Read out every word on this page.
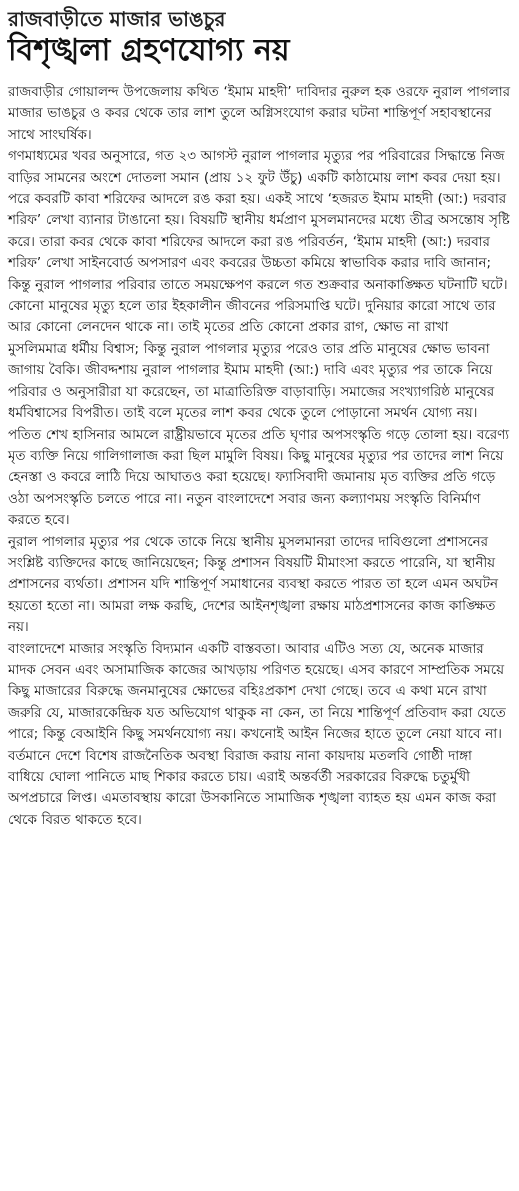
রাজবাড়ীতে মাজার ভাঙচুর
বিশৃঙ্খলা গ্রহণযোগ্য নয়

রাজবাড়ীর গোয়ালন্দ উপজেলায় কথিত ‘ইমাম মাহদী’ দাবিদার নুরুল হক ওরফে নুরাল পাগলার মাজার ভাঙচুর ও কবর থেকে তার লাশ তুলে অগ্নিসংযোগ করার ঘটনা শান্তিপূর্ণ সহাবস্থানের সাথে সাংঘর্ষিক।

গণমাধ্যমের খবর অনুসারে, গত ২৩ আগস্ট নুরাল পাগলার মৃত্যুর পর পরিবারের সিদ্ধান্তে নিজ বাড়ির সামনের অংশে দোতলা সমান (প্রায় ১২ ফুট উঁচু) একটি কাঠামোয় লাশ কবর দেয়া হয়। পরে কবরটি কাবা শরিফের আদলে রঙ করা হয়। একই সাথে ‘হজরত ইমাম মাহদী (আ:) দরবার শরিফ’ লেখা ব্যানার টাঙানো হয়। বিষয়টি স্থানীয় ধর্মপ্রাণ মুসলমানদের মধ্যে তীব্র অসন্তোষ সৃষ্টি করে। তারা কবর থেকে কাবা শরিফের আদলে করা রঙ পরিবর্তন, ‘ইমাম মাহদী (আ:) দরবার শরিফ’ লেখা সাইনবোর্ড অপসারণ এবং কবরের উচ্চতা কমিয়ে স্বাভাবিক করার দাবি জানান; কিন্তু নুরাল পাগলার পরিবার তাতে সময়ক্ষেপণ করলে গত শুক্রবার অনাকাঙ্ক্ষিত ঘটনাটি ঘটে।

কোনো মানুষের মৃত্যু হলে তার ইহকালীন জীবনের পরিসমাপ্তি ঘটে। দুনিয়ার কারো সাথে তার আর কোনো লেনদেন থাকে না। তাই মৃতের প্রতি কোনো প্রকার রাগ, ক্ষোভ না রাখা মুসলিমমাত্র ধর্মীয় বিশ্বাস; কিন্তু নুরাল পাগলার মৃত্যুর পরেও তার প্রতি মানুষের ক্ষোভ ভাবনা জাগায় বৈকি। জীবদ্দশায় নুরাল পাগলার ইমাম মাহদী (আ:) দাবি এবং মৃত্যুর পর তাকে নিয়ে পরিবার ও অনুসারীরা যা করেছেন, তা মাত্রাতিরিক্ত বাড়াবাড়ি। সমাজের সংখ্যাগরিষ্ঠ মানুষের ধর্মবিশ্বাসের বিপরীত। তাই বলে মৃতের লাশ কবর থেকে তুলে পোড়ানো সমর্থন যোগ্য নয়।

পতিত শেখ হাসিনার আমলে রাষ্ট্রীয়ভাবে মৃতের প্রতি ঘৃণার অপসংস্কৃতি গড়ে তোলা হয়। বরেণ্য মৃত ব্যক্তি নিয়ে গালিগালাজ করা ছিল মামুলি বিষয়। কিছু মানুষের মৃত্যুর পর তাদের লাশ নিয়ে হেনস্তা ও কবরে লাঠি দিয়ে আঘাতও করা হয়েছে। ফ্যাসিবাদী জমানায় মৃত ব্যক্তির প্রতি গড়ে ওঠা অপসংস্কৃতি চলতে পারে না। নতুন বাংলাদেশে সবার জন্য কল্যাণময় সংস্কৃতি বিনির্মাণ করতে হবে।

নুরাল পাগলার মৃত্যুর পর থেকে তাকে নিয়ে স্থানীয় মুসলমানরা তাদের দাবিগুলো প্রশাসনের সংশ্লিষ্ট ব্যক্তিদের কাছে জানিয়েছেন; কিন্তু প্রশাসন বিষয়টি মীমাংসা করতে পারেনি, যা স্থানীয় প্রশাসনের ব্যর্থতা। প্রশাসন যদি শান্তিপূর্ণ সমাধানের ব্যবস্থা করতে পারত তা হলে এমন অঘটন হয়তো হতো না। আমরা লক্ষ করছি, দেশের আইনশৃঙ্খলা রক্ষায় মাঠপ্রশাসনের কাজ কাঙ্ক্ষিত নয়।

বাংলাদেশে মাজার সংস্কৃতি বিদ্যমান একটি বাস্তবতা। আবার এটিও সত্য যে, অনেক মাজার মাদক সেবন এবং অসামাজিক কাজের আখড়ায় পরিণত হয়েছে। এসব কারণে সাম্প্রতিক সময়ে কিছু মাজারের বিরুদ্ধে জনমানুষের ক্ষোভের বহিঃপ্রকাশ দেখা গেছে। তবে এ কথা মনে রাখা জরুরি যে, মাজারকেন্দ্রিক যত অভিযোগ থাকুক না কেন, তা নিয়ে শান্তিপূর্ণ প্রতিবাদ করা যেতে পারে; কিন্তু বেআইনি কিছু সমর্থনযোগ্য নয়। কখনোই আইন নিজের হাতে তুলে নেয়া যাবে না।

বর্তমানে দেশে বিশেষ রাজনৈতিক অবস্থা বিরাজ করায় নানা কায়দায় মতলবি গোষ্ঠী দাঙ্গা বাধিয়ে ঘোলা পানিতে মাছ শিকার করতে চায়। এরাই অন্তর্বর্তী সরকারের বিরুদ্ধে চতুর্মুখী অপপ্রচারে লিপ্ত। এমতাবস্থায় কারো উসকানিতে সামাজিক শৃঙ্খলা ব্যাহত হয় এমন কাজ করা থেকে বিরত থাকতে হবে।
